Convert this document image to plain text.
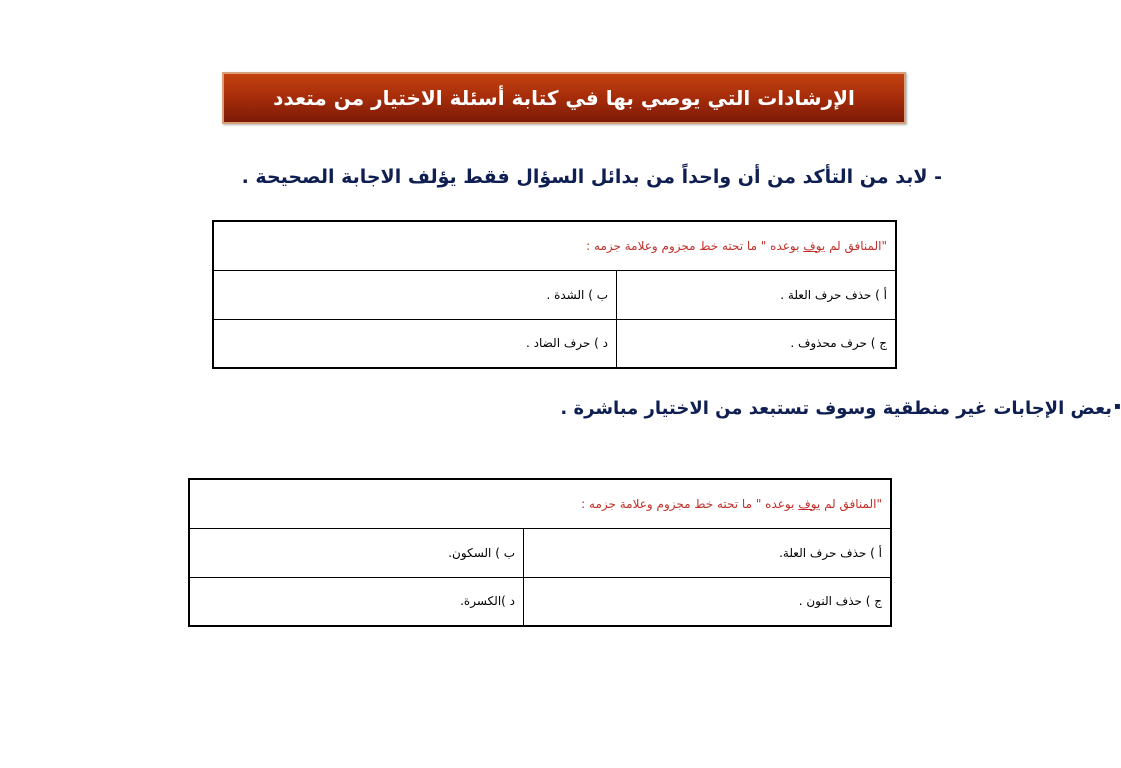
الإرشادات التي يوصي بها في كتابة أسئلة الاختيار من متعدد
- لابد من التأكد من أن واحداً من بدائل السؤال فقط يؤلف الاجابة الصحيحة .
▪بعض الإجابات غير منطقية وسوف تستبعد من الاختيار مباشرة .
"المنافق لم يوف بوعده " ما تحته خط مجزوم وعلامة جزمه :	
أ ) حذف حرف العلة .	ب ) الشدة .
ج ) حرف محذوف .	د ) حرف الضاد .
"المنافق لم يوف بوعده " ما تحته خط مجزوم وعلامة جزمه :	
أ ) حذف حرف العلة.	ب ) السكون.
ج ) حذف النون .	د )الكسرة.
